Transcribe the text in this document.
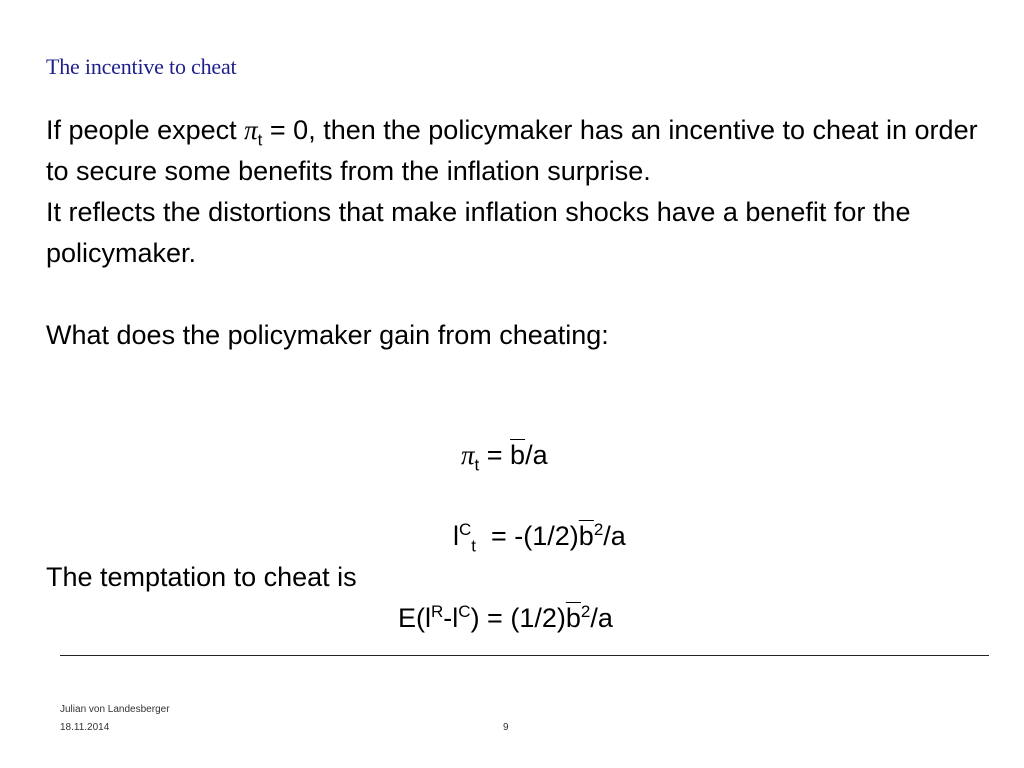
The incentive to cheat

If people expect $\pi_t = 0$, then the policymaker has an incentive to cheat in order to secure some benefits from the inflation surprise.

It reflects the distortions that make inflation shocks have a benefit for the policymaker.

What does the policymaker gain from cheating:

$\pi_t = \overline{b}/a$
$l^C_t = -(1/2)\overline{b}^2/a$
The temptation to cheat is
$E(l^R-l^C) = (1/2)\overline{b}^2/a$
Julian von Landesberger
18.11.2014	9
